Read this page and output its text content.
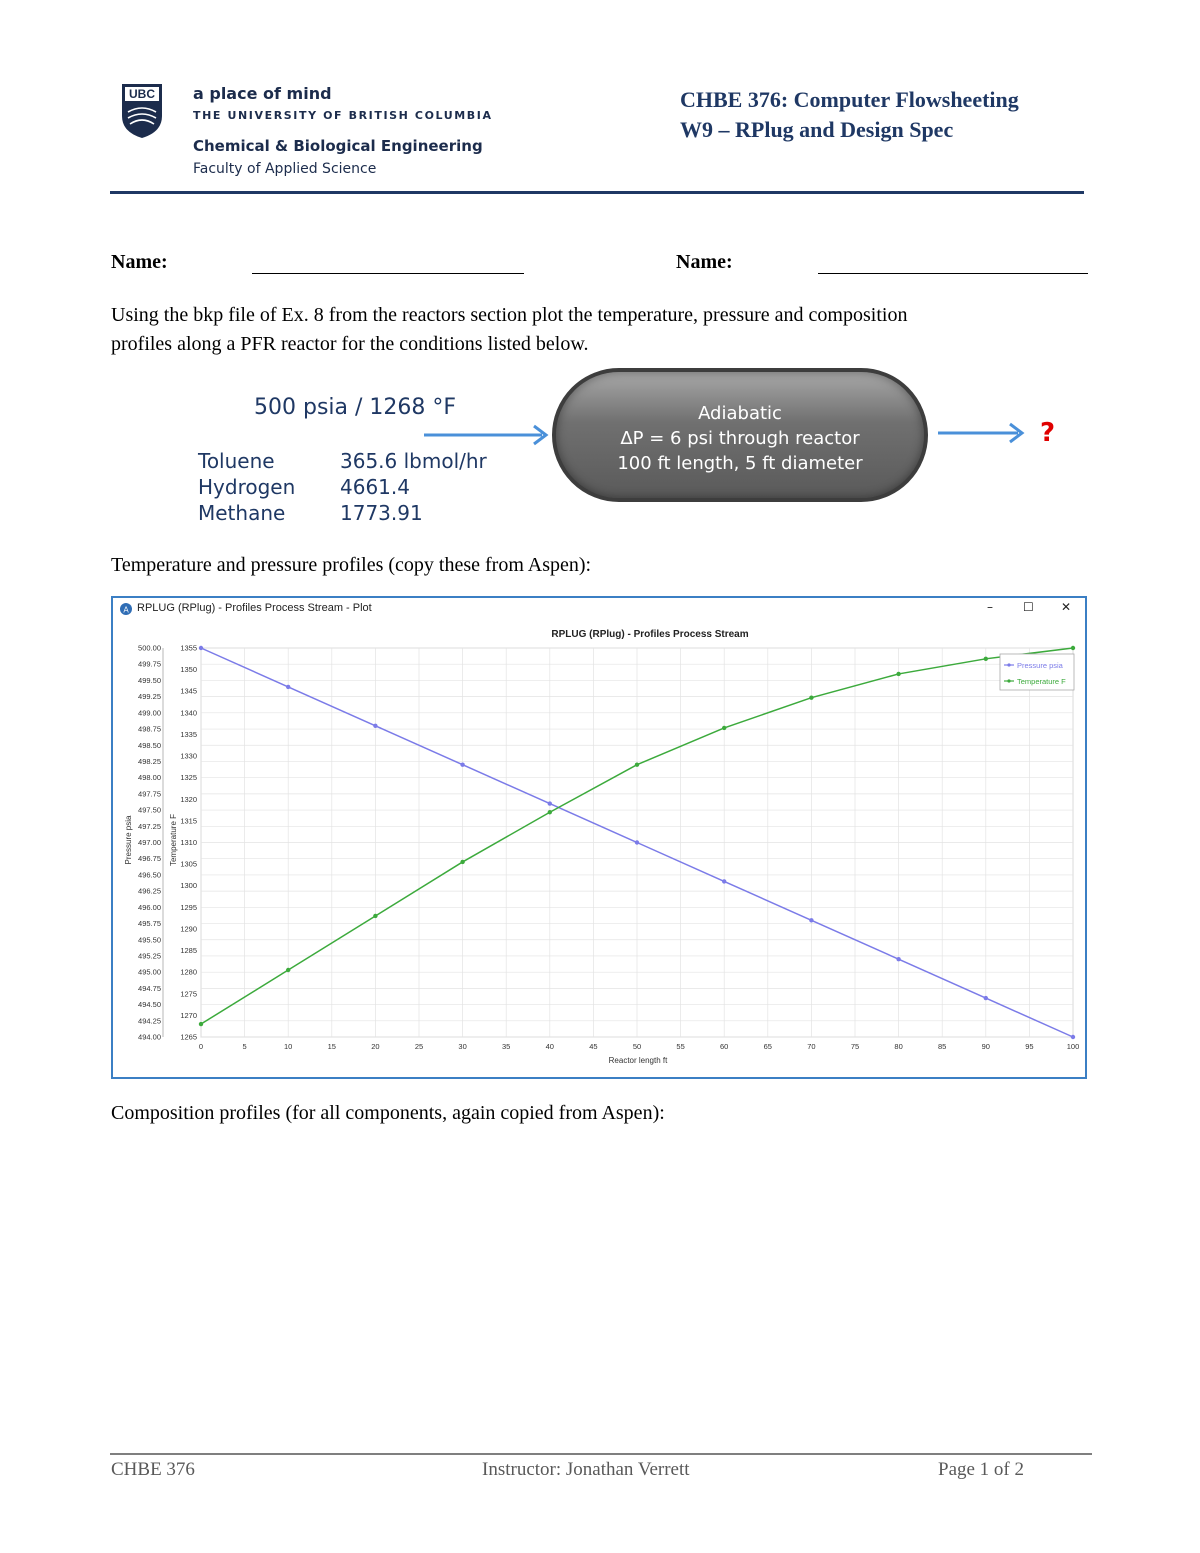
UBC a place of mind
THE UNIVERSITY OF BRITISH COLUMBIA
Chemical & Biological Engineering
Faculty of Applied Science
CHBE 376: Computer Flowsheeting
W9 – RPlug and Design Spec
Name:	Name:
Using the bkp file of Ex. 8 from the reactors section plot the temperature, pressure and composition
profiles along a PFR reactor for the conditions listed below.
500 psia / 1268 °F
Toluene	365.6 lbmol/hr
Hydrogen	4661.4
Methane	1773.91
Adiabatic
ΔP = 6 psi through reactor
100 ft length, 5 ft diameter
?
Temperature and pressure profiles (copy these from Aspen):
A RPLUG (RPlug) - Profiles Process Stream - Plot	–	☐ ✕
RPLUG (RPlug) - Profiles Process Stream
500.00
499.75
499.50
499.25
499.00
498.75
498.50
498.25
498.00
497.75
497.50
497.25
497.00
496.75
496.50
496.25
496.00
495.75
495.50
495.25
495.00
494.75
494.50
494.25
494.00
1355
1350
1345
1340
1335
1330
1325
1320
1315
1310
1305
1300
1295
1290
1285
1280
1275
1270
1265
0	5	10	15	20	25	30	35	40	45	50	55	60	65	70	75	80	85	90	95	100
Pressure psia	Temperature F
Reactor length ft
Pressure psia
Temperature F
Composition profiles (for all components, again copied from Aspen):
CHBE 376	Instructor: Jonathan Verrett	Page 1 of 2
